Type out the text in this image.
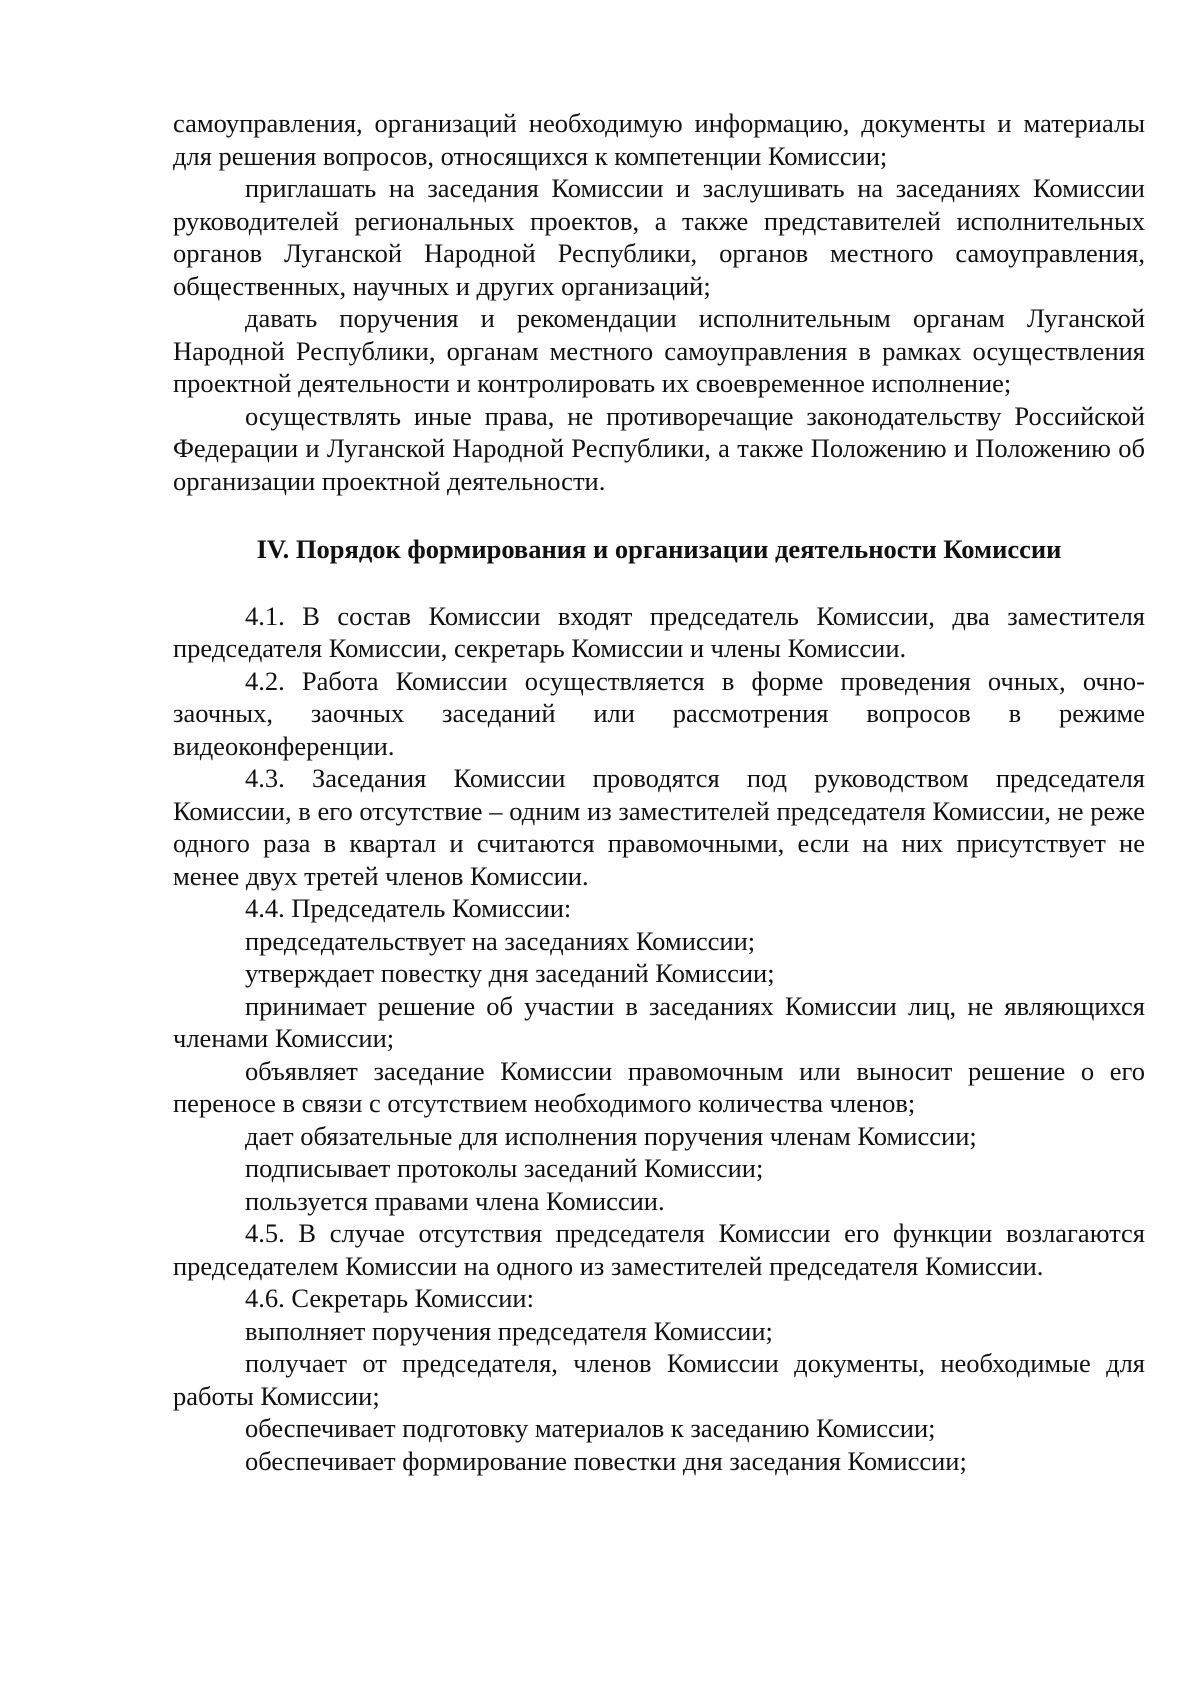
самоуправления, организаций необходимую информацию, документы и материалы для решения вопросов, относящихся к компетенции Комиссии;

приглашать на заседания Комиссии и заслушивать на заседаниях Комиссии руководителей региональных проектов, а также представителей исполнительных органов Луганской Народной Республики, органов местного самоуправления, общественных, научных и других организаций;

давать поручения и рекомендации исполнительным органам Луганской Народной Республики, органам местного самоуправления в рамках осуществления проектной деятельности и контролировать их своевременное исполнение;

осуществлять иные права, не противоречащие законодательству Российской Федерации и Луганской Народной Республики, а также Положению и Положению об организации проектной деятельности.

IV. Порядок формирования и организации деятельности Комиссии

4.1. В состав Комиссии входят председатель Комиссии, два заместителя председателя Комиссии, секретарь Комиссии и члены Комиссии.

4.2. Работа Комиссии осуществляется в форме проведения очных, очно-заочных, заочных заседаний или рассмотрения вопросов в режиме видеоконференции.

4.3. Заседания Комиссии проводятся под руководством председателя Комиссии, в его отсутствие – одним из заместителей председателя Комиссии, не реже одного раза в квартал и считаются правомочными, если на них присутствует не менее двух третей членов Комиссии.

4.4. Председатель Комиссии:

председательствует на заседаниях Комиссии;

утверждает повестку дня заседаний Комиссии;

принимает решение об участии в заседаниях Комиссии лиц, не являющихся членами Комиссии;

объявляет заседание Комиссии правомочным или выносит решение о его переносе в связи с отсутствием необходимого количества членов;

дает обязательные для исполнения поручения членам Комиссии;

подписывает протоколы заседаний Комиссии;

пользуется правами члена Комиссии.

4.5. В случае отсутствия председателя Комиссии его функции возлагаются председателем Комиссии на одного из заместителей председателя Комиссии.

4.6. Секретарь Комиссии:

выполняет поручения председателя Комиссии;

получает от председателя, членов Комиссии документы, необходимые для работы Комиссии;

обеспечивает подготовку материалов к заседанию Комиссии;

обеспечивает формирование повестки дня заседания Комиссии;
